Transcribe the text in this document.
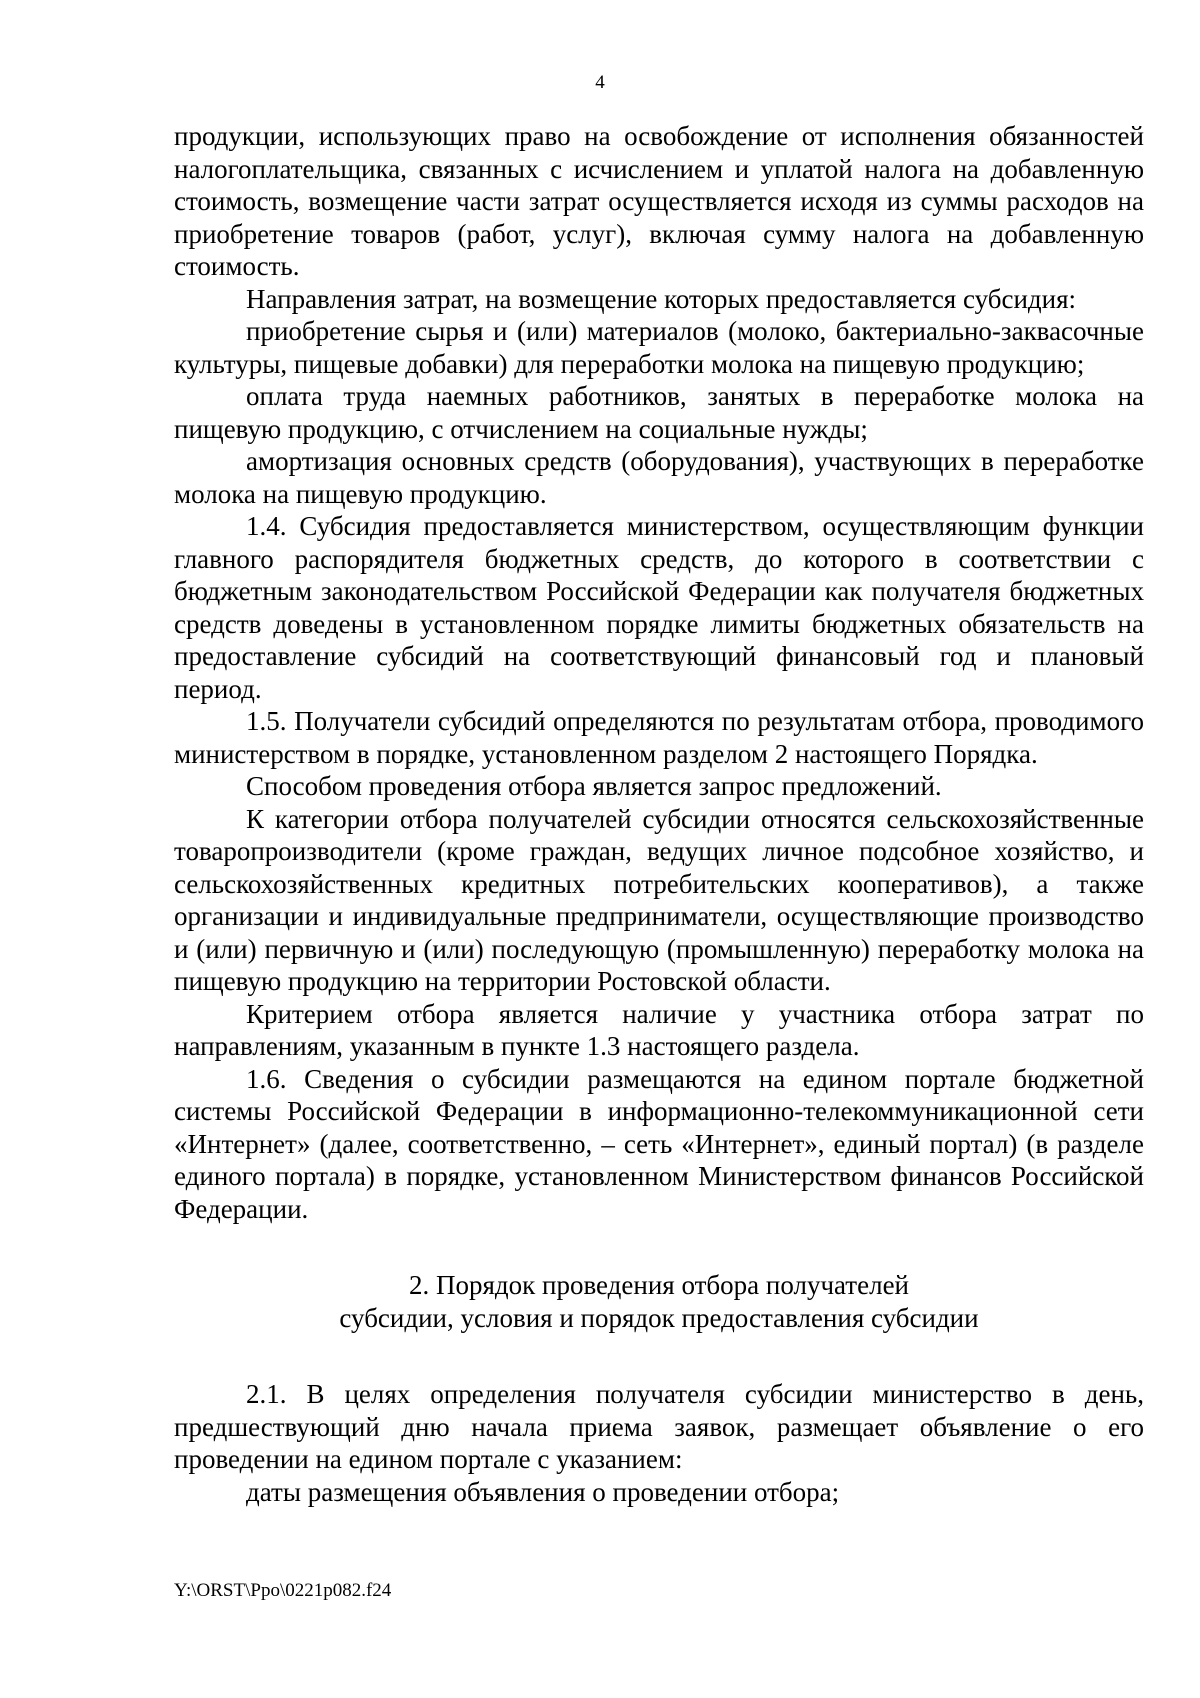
4

продукции, использующих право на освобождение от исполнения обязанностей налогоплательщика, связанных с исчислением и уплатой налога на добавленную стоимость, возмещение части затрат осуществляется исходя из суммы расходов на приобретение товаров (работ, услуг), включая сумму налога на добавленную стоимость.

Направления затрат, на возмещение которых предоставляется субсидия:

приобретение сырья и (или) материалов (молоко, бактериально-заквасочные культуры, пищевые добавки) для переработки молока на пищевую продукцию;

оплата труда наемных работников, занятых в переработке молока на пищевую продукцию, с отчислением на социальные нужды;

амортизация основных средств (оборудования), участвующих в переработке молока на пищевую продукцию.

1.4. Субсидия предоставляется министерством, осуществляющим функции главного распорядителя бюджетных средств, до которого в соответствии с бюджетным законодательством Российской Федерации как получателя бюджетных средств доведены в установленном порядке лимиты бюджетных обязательств на предоставление субсидий на соответствующий финансовый год и плановый период.

1.5. Получатели субсидий определяются по результатам отбора, проводимого министерством в порядке, установленном разделом 2 настоящего Порядка.

Способом проведения отбора является запрос предложений.

К категории отбора получателей субсидии относятся сельскохозяйственные товаропроизводители (кроме граждан, ведущих личное подсобное хозяйство, и сельскохозяйственных кредитных потребительских кооперативов), а также организации и индивидуальные предприниматели, осуществляющие производство и (или) первичную и (или) последующую (промышленную) переработку молока на пищевую продукцию на территории Ростовской области.

Критерием отбора является наличие у участника отбора затрат по направлениям, указанным в пункте 1.3 настоящего раздела.

1.6. Сведения о субсидии размещаются на едином портале бюджетной системы Российской Федерации в информационно-телекоммуникационной сети «Интернет» (далее, соответственно, – сеть «Интернет», единый портал) (в разделе единого портала) в порядке, установленном Министерством финансов Российской Федерации.

2. Порядок проведения отбора получателей
субсидии, условия и порядок предоставления субсидии

2.1. В целях определения получателя субсидии министерство в день, предшествующий дню начала приема заявок, размещает объявление о его проведении на едином портале с указанием:

даты размещения объявления о проведении отбора;

Y:\ORST\Ppo\0221p082.f24
